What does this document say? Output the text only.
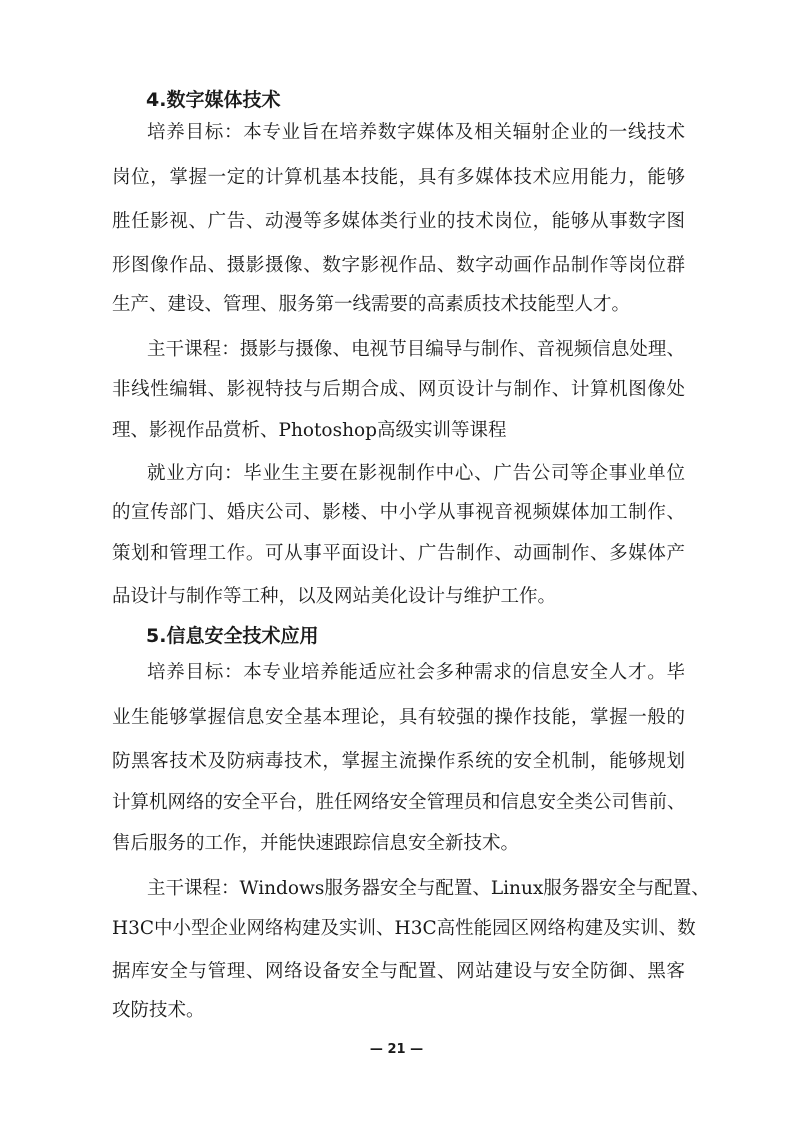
4.数字媒体技术
培养目标：本专业旨在培养数字媒体及相关辐射企业的一线技术
岗位，掌握一定的计算机基本技能，具有多媒体技术应用能力，能够
胜任影视、广告、动漫等多媒体类行业的技术岗位，能够从事数字图
形图像作品、摄影摄像、数字影视作品、数字动画作品制作等岗位群
生产、建设、管理、服务第一线需要的高素质技术技能型人才。
主干课程：摄影与摄像、电视节目编导与制作、音视频信息处理、
非线性编辑、影视特技与后期合成、网页设计与制作、计算机图像处
理、影视作品赏析、Photoshop高级实训等课程
就业方向：毕业生主要在影视制作中心、广告公司等企事业单位
的宣传部门、婚庆公司、影楼、中小学从事视音视频媒体加工制作、
策划和管理工作。可从事平面设计、广告制作、动画制作、多媒体产
品设计与制作等工种，以及网站美化设计与维护工作。
5.信息安全技术应用
培养目标：本专业培养能适应社会多种需求的信息安全人才。毕
业生能够掌握信息安全基本理论，具有较强的操作技能，掌握一般的
防黑客技术及防病毒技术，掌握主流操作系统的安全机制，能够规划
计算机网络的安全平台，胜任网络安全管理员和信息安全类公司售前、
售后服务的工作，并能快速跟踪信息安全新技术。
主干课程：Windows服务器安全与配置、Linux服务器安全与配置、
H3C中小型企业网络构建及实训、H3C高性能园区网络构建及实训、数
据库安全与管理、网络设备安全与配置、网站建设与安全防御、黑客
攻防技术。
— 21 —
